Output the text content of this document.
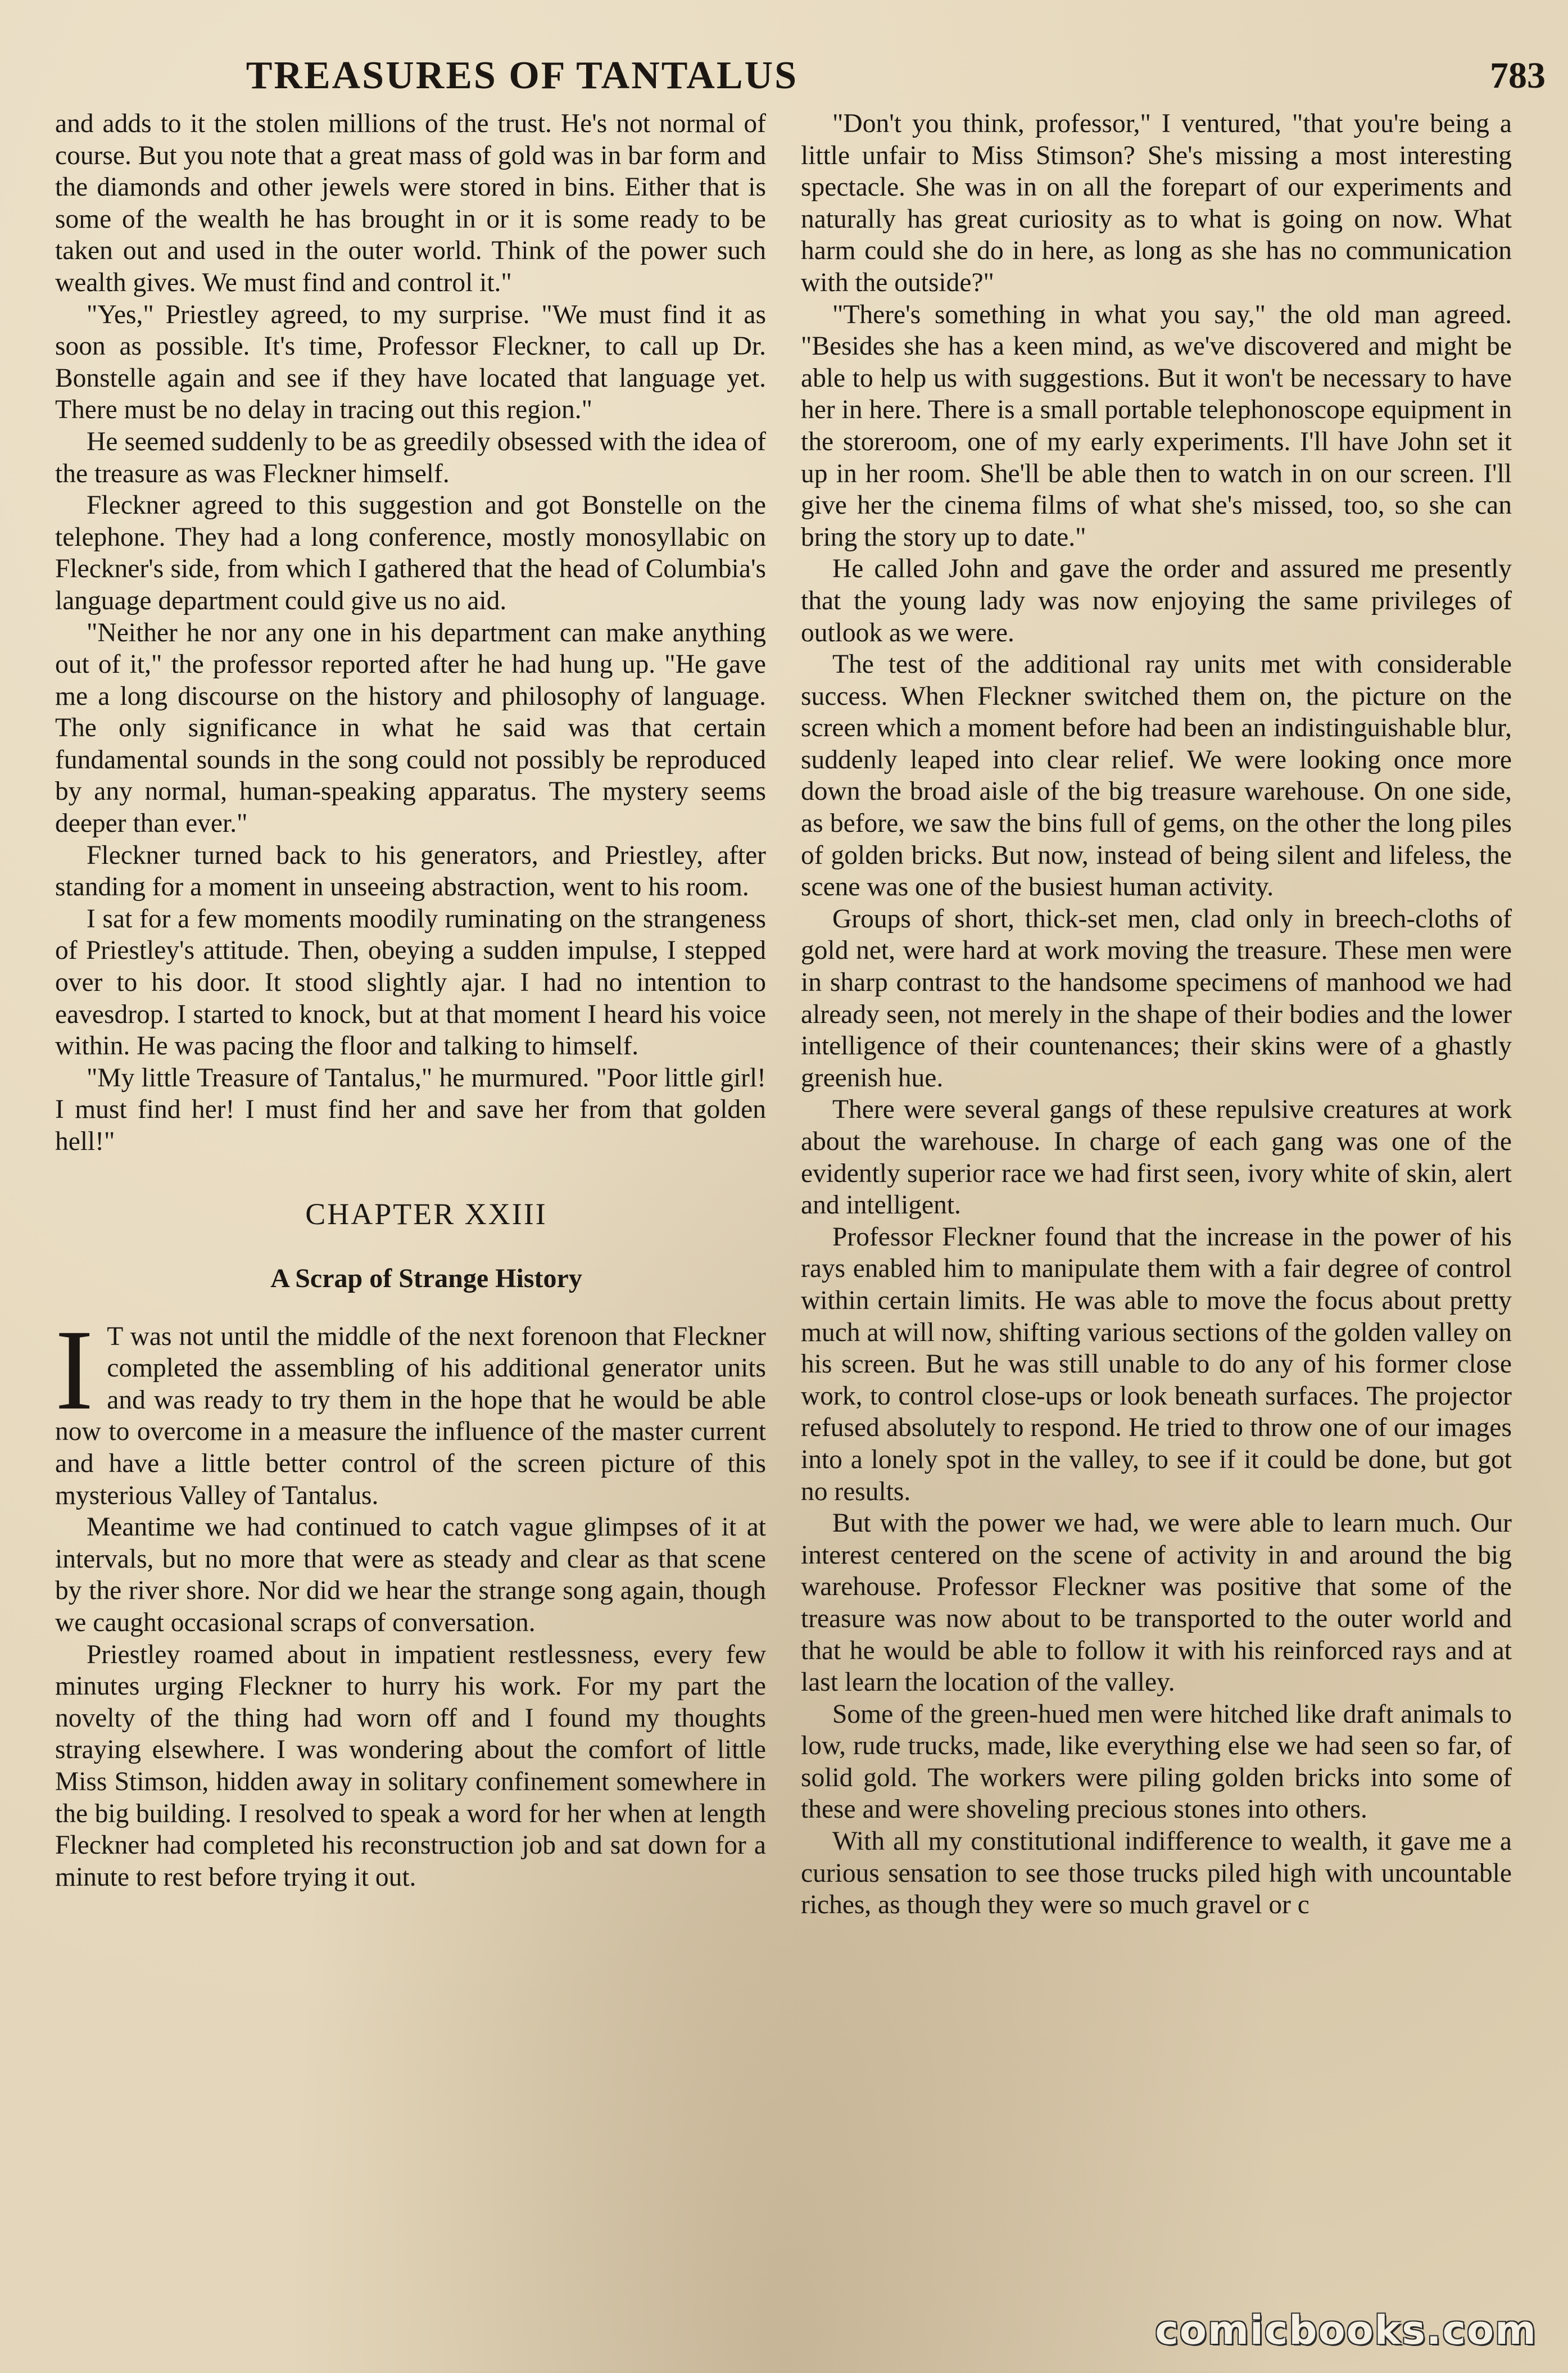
TREASURES OF TANTALUS	783

and adds to it the stolen millions of the trust. He's not normal of course. But you note that a great mass of gold was in bar form and the diamonds and other jewels were stored in bins. Either that is some of the wealth he has brought in or it is some ready to be taken out and used in the outer world. Think of the power such wealth gives. We must find and control it."

"Yes," Priestley agreed, to my surprise. "We must find it as soon as possible. It's time, Professor Fleckner, to call up Dr. Bonstelle again and see if they have located that language yet. There must be no delay in tracing out this region."

He seemed suddenly to be as greedily obsessed with the idea of the treasure as was Fleckner himself.

Fleckner agreed to this suggestion and got Bonstelle on the telephone. They had a long conference, mostly monosyllabic on Fleckner's side, from which I gathered that the head of Columbia's language department could give us no aid.

"Neither he nor any one in his department can make anything out of it," the professor reported after he had hung up. "He gave me a long discourse on the history and philosophy of language. The only significance in what he said was that certain fundamental sounds in the song could not possibly be reproduced by any normal, human-speaking apparatus. The mystery seems deeper than ever."

Fleckner turned back to his generators, and Priestley, after standing for a moment in unseeing abstraction, went to his room.

I sat for a few moments moodily ruminating on the strangeness of Priestley's attitude. Then, obeying a sudden impulse, I stepped over to his door. It stood slightly ajar. I had no intention to eavesdrop. I started to knock, but at that moment I heard his voice within. He was pacing the floor and talking to himself.

"My little Treasure of Tantalus," he murmured. "Poor little girl! I must find her! I must find her and save her from that golden hell!"

CHAPTER XXIII

A Scrap of Strange History

I T was not until the middle of the next forenoon that Fleckner completed the assembling of his additional generator units and was ready to try them in the hope that he would be able now to overcome in a measure the influence of the master current and have a little better control of the screen picture of this mysterious Valley of Tantalus.

Meantime we had continued to catch vague glimpses of it at intervals, but no more that were as steady and clear as that scene by the river shore. Nor did we hear the strange song again, though we caught occasional scraps of conversation.

Priestley roamed about in impatient restlessness, every few minutes urging Fleckner to hurry his work. For my part the novelty of the thing had worn off and I found my thoughts straying elsewhere. I was wondering about the comfort of little Miss Stimson, hidden away in solitary confinement somewhere in the big building. I resolved to speak a word for her when at length Fleckner had completed his reconstruction job and sat down for a minute to rest before trying it out.

"Don't you think, professor," I ventured, "that you're being a little unfair to Miss Stimson? She's missing a most interesting spectacle. She was in on all the forepart of our experiments and naturally has great curiosity as to what is going on now. What harm could she do in here, as long as she has no communication with the outside?"

"There's something in what you say," the old man agreed. "Besides she has a keen mind, as we've discovered and might be able to help us with suggestions. But it won't be necessary to have her in here. There is a small portable telephonoscope equipment in the storeroom, one of my early experiments. I'll have John set it up in her room. She'll be able then to watch in on our screen. I'll give her the cinema films of what she's missed, too, so she can bring the story up to date."

He called John and gave the order and assured me presently that the young lady was now enjoying the same privileges of outlook as we were.

The test of the additional ray units met with considerable success. When Fleckner switched them on, the picture on the screen which a moment before had been an indistinguishable blur, suddenly leaped into clear relief. We were looking once more down the broad aisle of the big treasure warehouse. On one side, as before, we saw the bins full of gems, on the other the long piles of golden bricks. But now, instead of being silent and lifeless, the scene was one of the busiest human activity.

Groups of short, thick-set men, clad only in breech-cloths of gold net, were hard at work moving the treasure. These men were in sharp contrast to the handsome specimens of manhood we had already seen, not merely in the shape of their bodies and the lower intelligence of their countenances; their skins were of a ghastly greenish hue.

There were several gangs of these repulsive creatures at work about the warehouse. In charge of each gang was one of the evidently superior race we had first seen, ivory white of skin, alert and intelligent.

Professor Fleckner found that the increase in the power of his rays enabled him to manipulate them with a fair degree of control within certain limits. He was able to move the focus about pretty much at will now, shifting various sections of the golden valley on his screen. But he was still unable to do any of his former close work, to control close-ups or look beneath surfaces. The projector refused absolutely to respond. He tried to throw one of our images into a lonely spot in the valley, to see if it could be done, but got no results.

But with the power we had, we were able to learn much. Our interest centered on the scene of activity in and around the big warehouse. Professor Fleckner was positive that some of the treasure was now about to be transported to the outer world and that he would be able to follow it with his reinforced rays and at last learn the location of the valley.

Some of the green-hued men were hitched like draft animals to low, rude trucks, made, like everything else we had seen so far, of solid gold. The workers were piling golden bricks into some of these and were shoveling precious stones into others.

With all my constitutional indifference to wealth, it gave me a curious sensation to see those trucks piled high with uncountable riches, as though they were so much gravel or c

comicbooks.com
